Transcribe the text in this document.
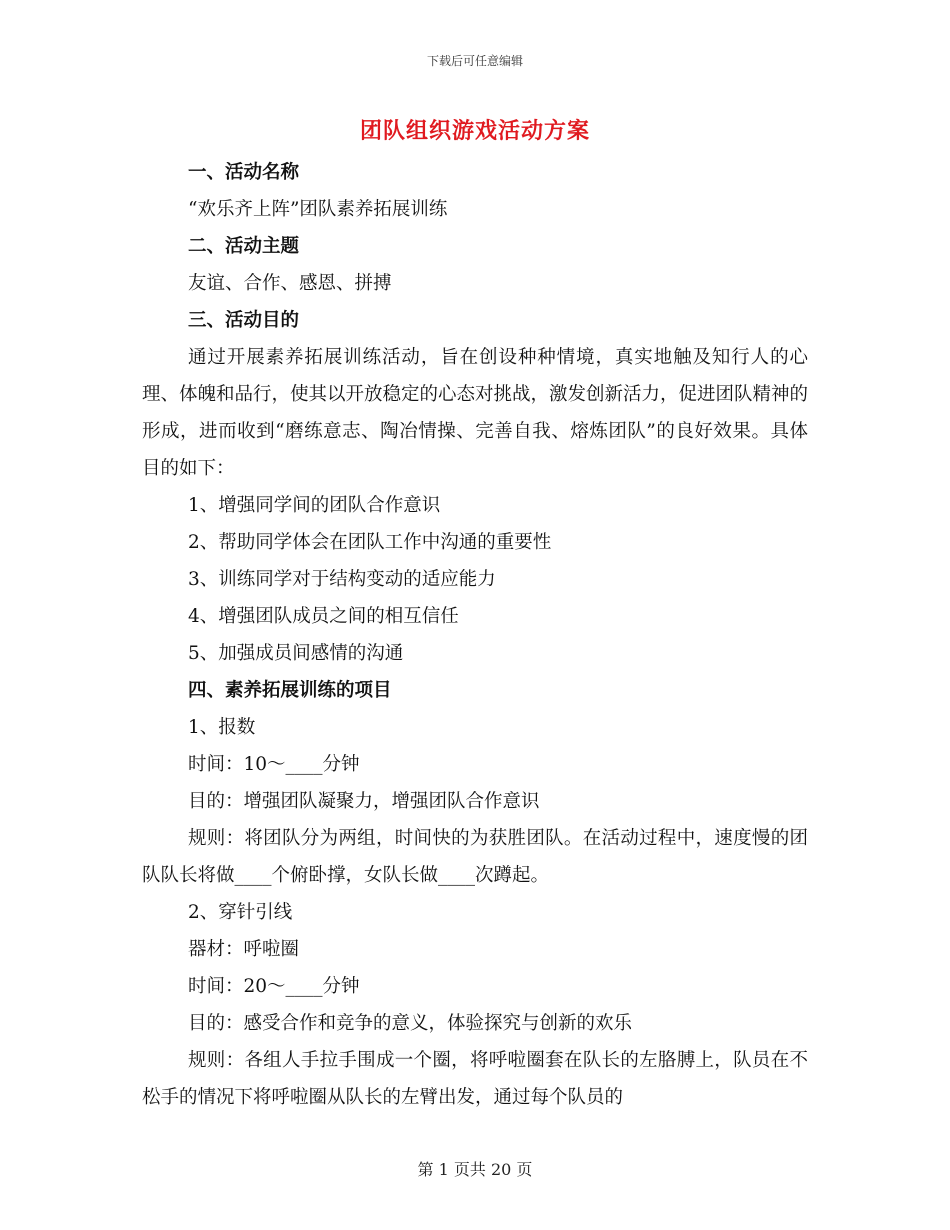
下载后可任意编辑
团队组织游戏活动方案

一、活动名称

“欢乐齐上阵”团队素养拓展训练

二、活动主题

友谊、合作、感恩、拼搏

三、活动目的

通过开展素养拓展训练活动，旨在创设种种情境，真实地触及知行人的心理、体魄和品行，使其以开放稳定的心态对挑战，激发创新活力，促进团队精神的形成，进而收到“磨练意志、陶冶情操、完善自我、熔炼团队”的良好效果。具体目的如下：

1、增强同学间的团队合作意识

2、帮助同学体会在团队工作中沟通的重要性

3、训练同学对于结构变动的适应能力

4、增强团队成员之间的相互信任

5、加强成员间感情的沟通

四、素养拓展训练的项目

1、报数

时间：10～____分钟

目的：增强团队凝聚力，增强团队合作意识

规则：将团队分为两组，时间快的为获胜团队。在活动过程中，速度慢的团队队长将做____个俯卧撑，女队长做____次蹲起。

2、穿针引线

器材：呼啦圈

时间：20～____分钟

目的：感受合作和竞争的意义，体验探究与创新的欢乐

规则：各组人手拉手围成一个圈，将呼啦圈套在队长的左胳膊上，队员在不松手的情况下将呼啦圈从队长的左臂出发，通过每个队员的

第 1 页共 20 页
